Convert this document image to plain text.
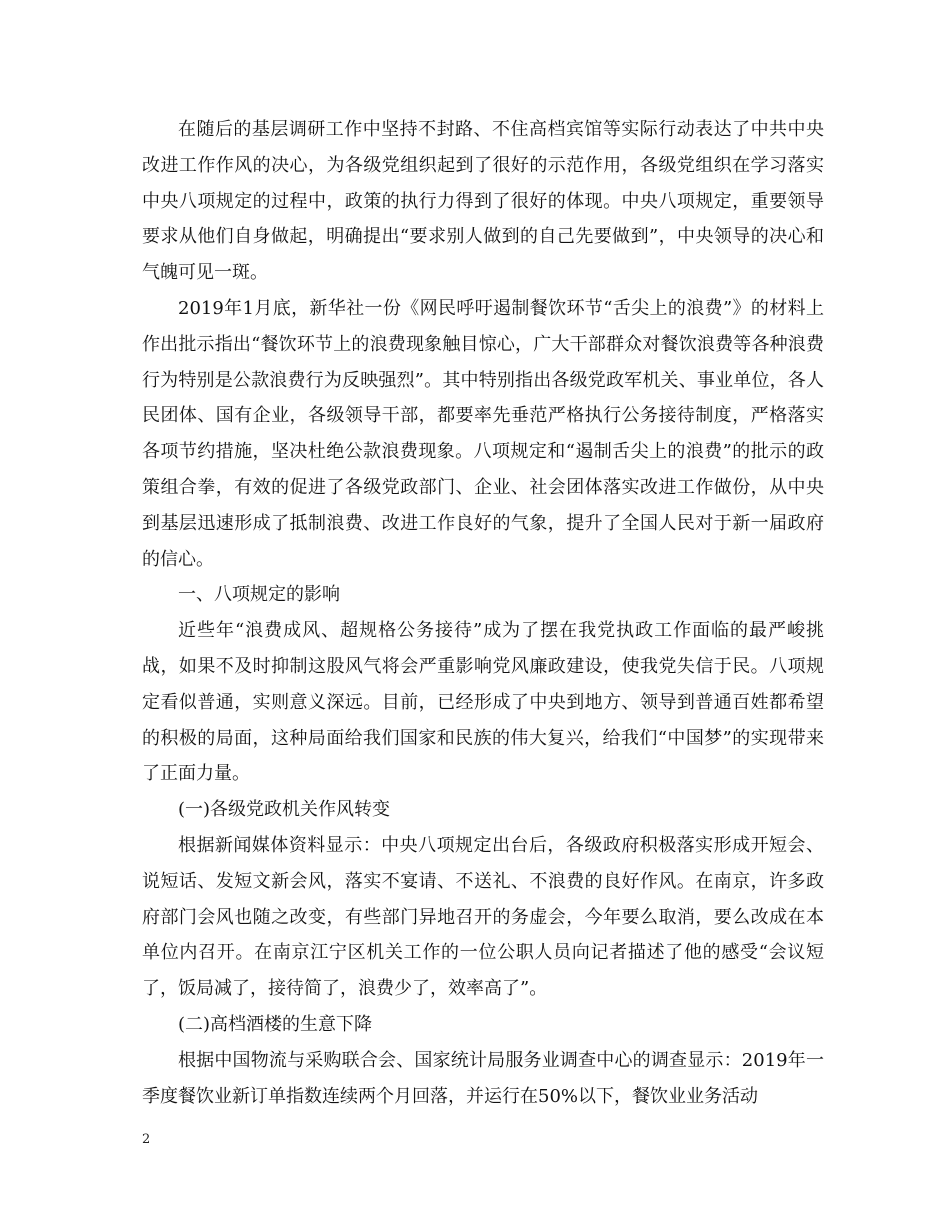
在随后的基层调研工作中坚持不封路、不住高档宾馆等实际行动表达了中共中央改进工作作风的决心，为各级党组织起到了很好的示范作用，各级党组织在学习落实中央八项规定的过程中，政策的执行力得到了很好的体现。中央八项规定，重要领导要求从他们自身做起，明确提出“要求别人做到的自己先要做到”，中央领导的决心和气魄可见一斑。

2019年1月底，新华社一份《网民呼吁遏制餐饮环节“舌尖上的浪费”》的材料上作出批示指出“餐饮环节上的浪费现象触目惊心，广大干部群众对餐饮浪费等各种浪费行为特别是公款浪费行为反映强烈”。其中特别指出各级党政军机关、事业单位，各人民团体、国有企业，各级领导干部，都要率先垂范严格执行公务接待制度，严格落实各项节约措施，坚决杜绝公款浪费现象。八项规定和“遏制舌尖上的浪费”的批示的政策组合拳，有效的促进了各级党政部门、企业、社会团体落实改进工作做份，从中央到基层迅速形成了抵制浪费、改进工作良好的气象，提升了全国人民对于新一届政府的信心。

一、八项规定的影响

近些年“浪费成风、超规格公务接待”成为了摆在我党执政工作面临的最严峻挑战，如果不及时抑制这股风气将会严重影响党风廉政建设，使我党失信于民。八项规定看似普通，实则意义深远。目前，已经形成了中央到地方、领导到普通百姓都希望的积极的局面，这种局面给我们国家和民族的伟大复兴，给我们“中国梦”的实现带来了正面力量。

(一)各级党政机关作风转变

根据新闻媒体资料显示：中央八项规定出台后，各级政府积极落实形成开短会、说短话、发短文新会风，落实不宴请、不送礼、不浪费的良好作风。在南京，许多政府部门会风也随之改变，有些部门异地召开的务虚会，今年要么取消，要么改成在本单位内召开。在南京江宁区机关工作的一位公职人员向记者描述了他的感受“会议短了，饭局减了，接待简了，浪费少了，效率高了”。

(二)高档酒楼的生意下降

根据中国物流与采购联合会、国家统计局服务业调查中心的调查显示：2019年一季度餐饮业新订单指数连续两个月回落，并运行在50%以下，餐饮业业务活动

2
